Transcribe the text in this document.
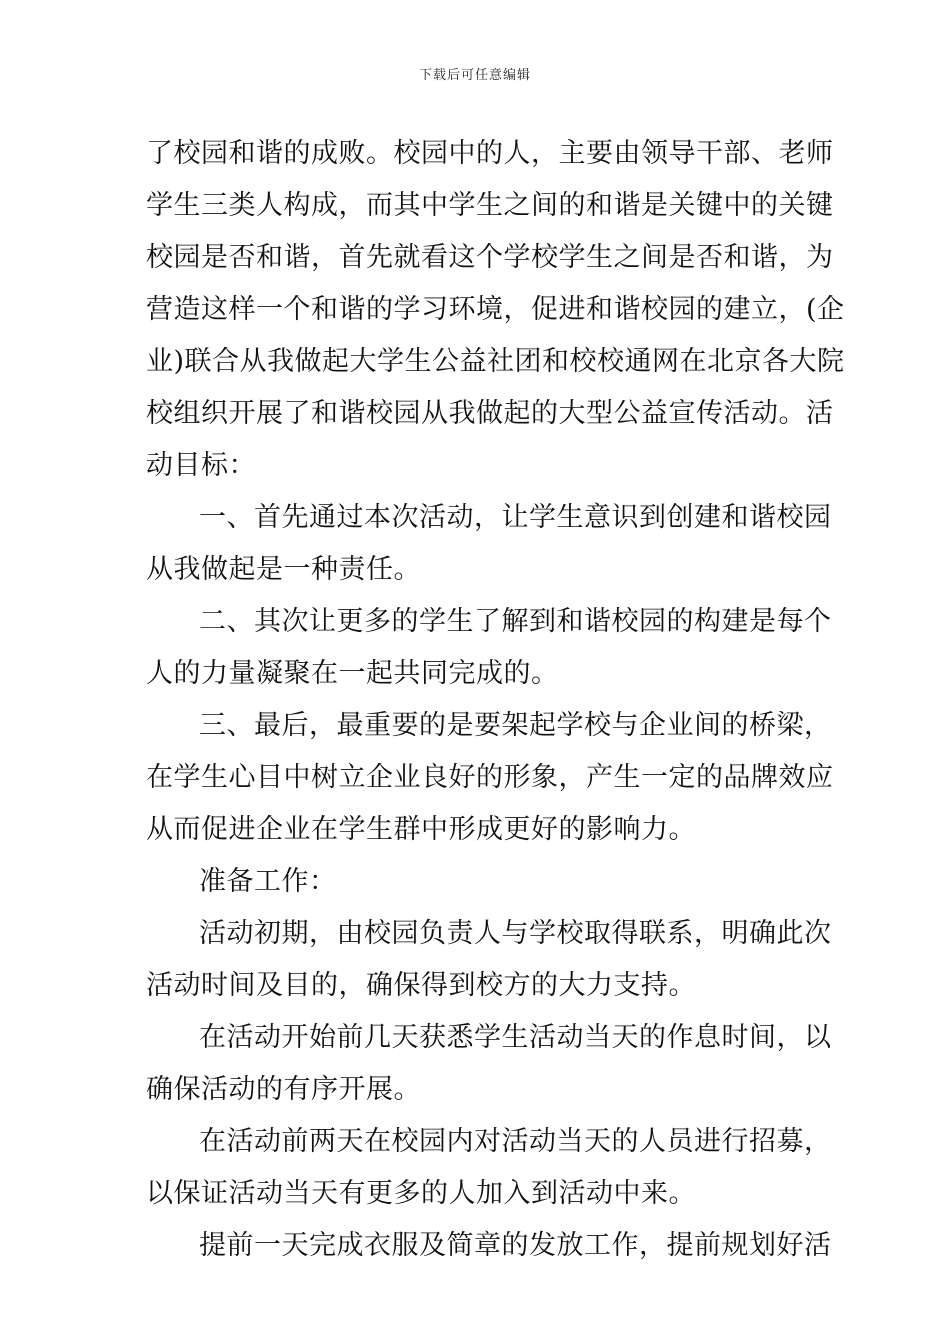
下载后可任意编辑
了校园和谐的成败。校园中的人，主要由领导干部、老师
学生三类人构成，而其中学生之间的和谐是关键中的关键
校园是否和谐，首先就看这个学校学生之间是否和谐，为
营造这样一个和谐的学习环境，促进和谐校园的建立，(企
业)联合从我做起大学生公益社团和校校通网在北京各大院
校组织开展了和谐校园从我做起的大型公益宣传活动。活
动目标：
一、首先通过本次活动，让学生意识到创建和谐校园
从我做起是一种责任。
二、其次让更多的学生了解到和谐校园的构建是每个
人的力量凝聚在一起共同完成的。
三、最后，最重要的是要架起学校与企业间的桥梁，
在学生心目中树立企业良好的形象，产生一定的品牌效应
从而促进企业在学生群中形成更好的影响力。
准备工作：
活动初期，由校园负责人与学校取得联系，明确此次
活动时间及目的，确保得到校方的大力支持。
在活动开始前几天获悉学生活动当天的作息时间，以
确保活动的有序开展。
在活动前两天在校园内对活动当天的人员进行招募，
以保证活动当天有更多的人加入到活动中来。
提前一天完成衣服及简章的发放工作，提前规划好活
